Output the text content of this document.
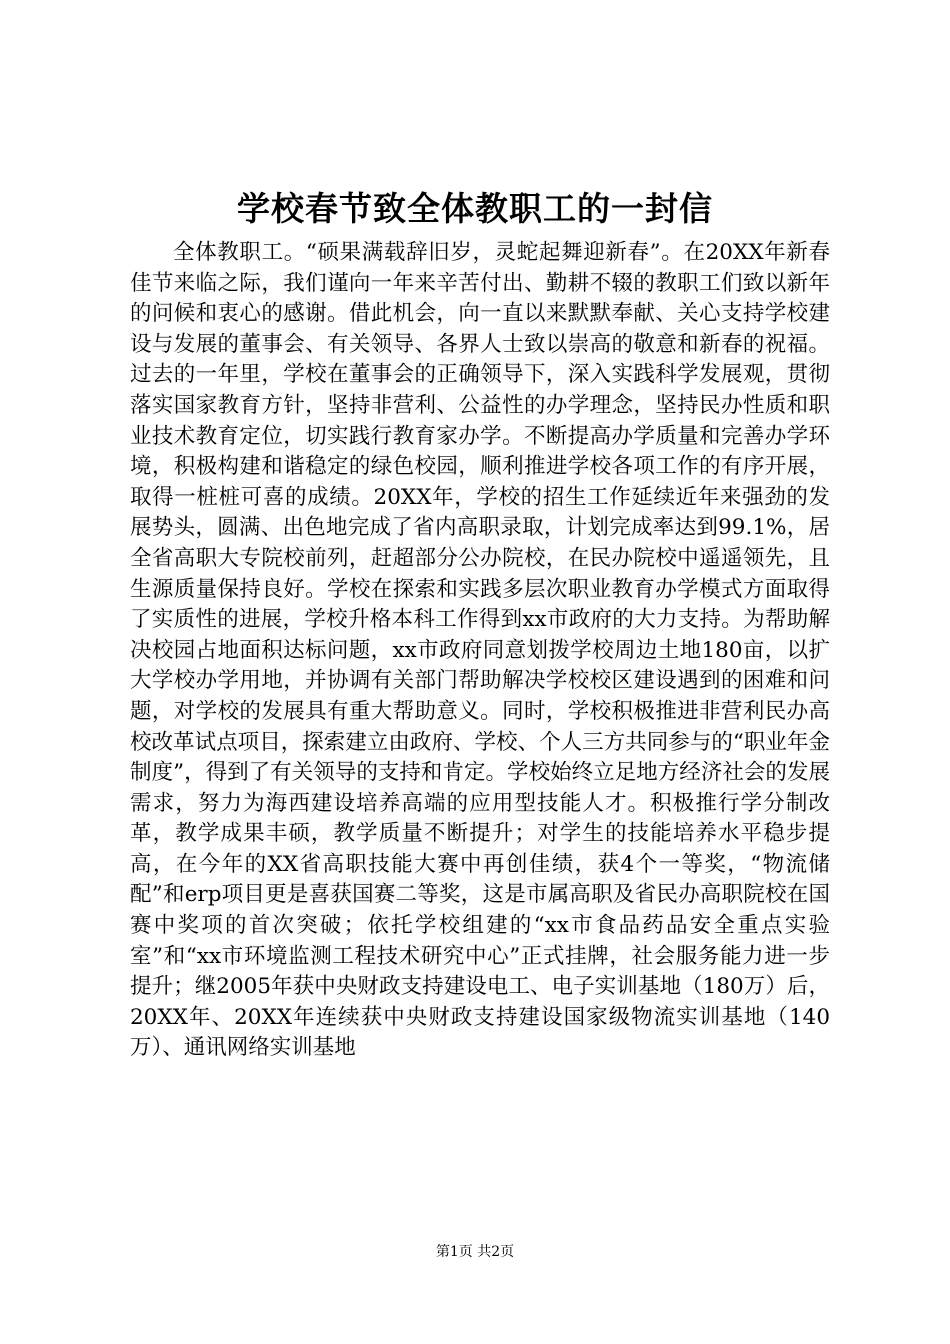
学校春节致全体教职工的一封信

全体教职工。“硕果满载辞旧岁，灵蛇起舞迎新春”。在20XX年新春佳节来临之际，我们谨向一年来辛苦付出、勤耕不辍的教职工们致以新年的问候和衷心的感谢。借此机会，向一直以来默默奉献、关心支持学校建设与发展的董事会、有关领导、各界人士致以崇高的敬意和新春的祝福。过去的一年里，学校在董事会的正确领导下，深入实践科学发展观，贯彻落实国家教育方针，坚持非营利、公益性的办学理念，坚持民办性质和职业技术教育定位，切实践行教育家办学。不断提高办学质量和完善办学环境，积极构建和谐稳定的绿色校园，顺利推进学校各项工作的有序开展，取得一桩桩可喜的成绩。20XX年，学校的招生工作延续近年来强劲的发展势头，圆满、出色地完成了省内高职录取，计划完成率达到99.1%，居全省高职大专院校前列，赶超部分公办院校，在民办院校中遥遥领先，且生源质量保持良好。学校在探索和实践多层次职业教育办学模式方面取得了实质性的进展，学校升格本科工作得到xx市政府的大力支持。为帮助解决校园占地面积达标问题，xx市政府同意划拨学校周边土地180亩，以扩大学校办学用地，并协调有关部门帮助解决学校校区建设遇到的困难和问题，对学校的发展具有重大帮助意义。同时，学校积极推进非营利民办高校改革试点项目，探索建立由政府、学校、个人三方共同参与的“职业年金制度”，得到了有关领导的支持和肯定。学校始终立足地方经济社会的发展需求，努力为海西建设培养高端的应用型技能人才。积极推行学分制改革，教学成果丰硕，教学质量不断提升；对学生的技能培养水平稳步提高，在今年的XX省高职技能大赛中再创佳绩，获4个一等奖，“物流储配”和erp项目更是喜获国赛二等奖，这是市属高职及省民办高职院校在国赛中奖项的首次突破；依托学校组建的“xx市食品药品安全重点实验室”和“xx市环境监测工程技术研究中心”正式挂牌，社会服务能力进一步提升；继2005年获中央财政支持建设电工、电子实训基地（180万）后，20XX年、20XX年连续获中央财政支持建设国家级物流实训基地（140万）、通讯网络实训基地

第1页 共2页
